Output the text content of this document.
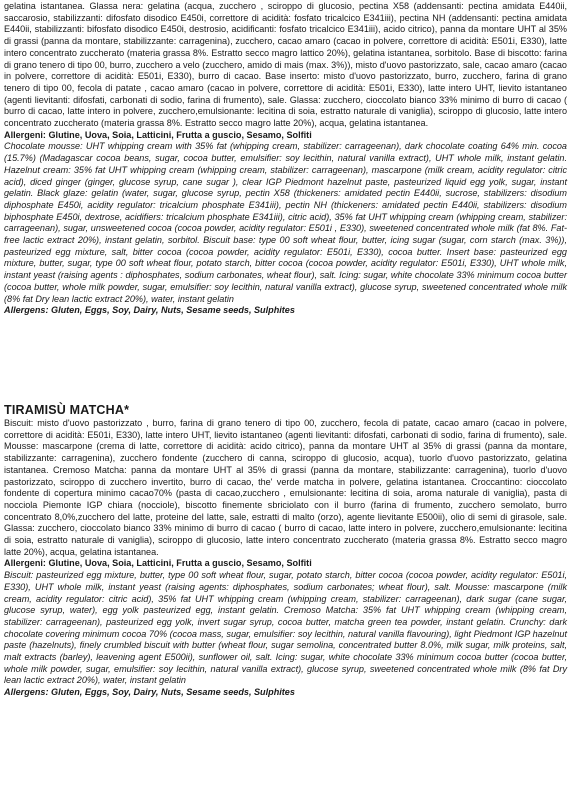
gelatina istantanea. Glassa nera: gelatina (acqua, zucchero , sciroppo di glucosio, pectina X58 (addensanti: pectina amidata E440ii, saccarosio, stabilizzanti: difosfato disodico E450i, correttore di acidità: fosfato tricalcico E341iii), pectina NH (addensanti: pectina amidata E440ii, stabilizzanti: bifosfato disodico E450i, destrosio, acidificanti: fosfato tricalcico E341iii), acido citrico), panna da montare UHT al 35% di grassi (panna da montare, stabilizzante: carragenina), zucchero, cacao amaro (cacao in polvere, correttore di acidità: E501i, E330), latte intero concentrato zuccherato (materia grassa 8%. Estratto secco magro latticо 20%), gelatina istantanea, sorbitolo. Base di biscotto: farina di grano tenero di tipo 00, burro, zucchero a velo (zucchero, amido di mais (max. 3%)), misto d'uovo pastorizzato, sale, cacao amaro (cacao in polvere, correttore di acidità: E501i, E330), burro di cacao. Base inserto: misto d'uovo pastorizzato, burro, zucchero, farina di grano tenero di tipo 00, fecola di patate , cacao amaro (cacao in polvere, correttore di acidità: E501i, E330), latte intero UHT, lievito istantaneo (agenti lievitanti: difosfati, carbonati di sodio, farina di frumento), sale. Glassa: zucchero, cioccolato bianco 33% minimo di burro di cacao ( burro di cacao, latte intero in polvere, zucchero,emulsionante: lecitina di soia, estratto naturale di vaniglia), sciroppo di glucosio, latte intero concentrato zuccherato (materia grassa 8%. Estratto secco magro latte 20%), acqua, gelatina istantanea.

Allergeni: Glutine, Uova, Soia, Latticini, Frutta a guscio, Sesamo, Solfiti

Chocolate mousse: UHT whipping cream with 35% fat (whipping cream, stabilizer: carrageenan), dark chocolate coating 64% min. cocoa (15.7%) (Madagascar cocoa beans, sugar, cocoa butter, emulsifier: soy lecithin, natural vanilla extract), UHT whole milk, instant gelatin. Hazelnut cream: 35% fat UHT whipping cream (whipping cream, stabilizer: carrageenan), mascarpone (milk cream, acidity regulator: citric acid), diced ginger (ginger, glucose syrup, cane sugar ), clear IGP Piedmont hazelnut paste, pasteurized liquid egg yolk, sugar, instant gelatin. Black glaze: gelatin (water, sugar, glucose syrup, pectin X58 (thickeners: amidated pectin E440ii, sucrose, stabilizers: disodium diphosphate E450i, acidity regulator: tricalcium phosphate E341iii), pectin NH (thickeners: amidated pectin E440ii, stabilizers: disodium biphosphate E450i, dextrose, acidifiers: tricalcium phosphate E341iii), citric acid), 35% fat UHT whipping cream (whipping cream, stabilizer: carrageenan), sugar, unsweetened cocoa (cocoa powder, acidity regulator: E501i , E330), sweetened concentrated whole milk (fat 8%. Fat-free lactic extract 20%), instant gelatin, sorbitol. Biscuit base: type 00 soft wheat flour, butter, icing sugar (sugar, corn starch (max. 3%)), pasteurized egg mixture, salt, bitter cocoa (cocoa powder, acidity regulator: E501i, E330), cocoa butter. Insert base: pasteurized egg mixture, butter, sugar, type 00 soft wheat flour, potato starch, bitter cocoa (cocoa powder, acidity regulator: E501i, E330), UHT whole milk, instant yeast (raising agents : diphosphates, sodium carbonates, wheat flour), salt. Icing: sugar, white chocolate 33% minimum cocoa butter (cocoa butter, whole milk powder, sugar, emulsifier: soy lecithin, natural vanilla extract), glucose syrup, sweetened concentrated whole milk (8% fat Dry lean lactic extract 20%), water, instant gelatin

Allergens: Gluten, Eggs, Soy, Dairy, Nuts, Sesame seeds, Sulphites

TIRAMISÙ MATCHA*

Biscuit: misto d'uovo pastorizzato , burro, farina di grano tenero di tipo 00, zucchero, fecola di patate, cacao amaro (cacao in polvere, correttore di acidità: E501i, E330), latte intero UHT, lievito istantaneo (agenti lievitanti: difosfati, carbonati di sodio, farina di frumento), sale. Mousse: mascarpone (crema di latte, correttore di acidità: acido citrico), panna da montare UHT al 35% di grassi (panna da montare, stabilizzante: carragenina), zucchero fondente (zucchero di canna, sciroppo di glucosio, acqua), tuorlo d'uovo pastorizzato, gelatina istantanea. Cremoso Matcha: panna da montare UHT al 35% di grassi (panna da montare, stabilizzante: carragenina), tuorlo d'uovo pastorizzato, sciroppo di zucchero invertito, burro di cacao, the' verde matcha in polvere, gelatina istantanea. Croccantino: cioccolato fondente di copertura minimo cacao70% (pasta di cacao,zucchero , emulsionante: lecitina di soia, aroma naturale di vaniglia), pasta di nocciola Piemonte IGP chiara (nocciole), biscotto finemente sbriciolato con il burro (farina di frumento, zucchero semolato, burro concentrato 8,0%,zucchero del latte, proteine del latte, sale, estratti di malto (orzo), agente lievitante E500ii), olio di semi di girasole, sale. Glassa: zucchero, cioccolato bianco 33% minimo di burro di cacao ( burro di cacao, latte intero in polvere, zucchero,emulsionante: lecitina di soia, estratto naturale di vaniglia), sciroppo di glucosio, latte intero concentrato zuccherato (materia grassa 8%. Estratto secco magro latte 20%), acqua, gelatina istantanea.

Allergeni: Glutine, Uova, Soia, Latticini, Frutta a guscio, Sesamo, Solfiti

Biscuit: pasteurized egg mixture, butter, type 00 soft wheat flour, sugar, potato starch, bitter cocoa (cocoa powder, acidity regulator: E501i, E330), UHT whole milk, instant yeast (raising agents: diphosphates, sodium carbonates; wheat flour), salt. Mousse: mascarpone (milk cream, acidity regulator: citric acid), 35% fat UHT whipping cream (whipping cream, stabilizer: carrageenan), dark sugar (cane sugar, glucose syrup, water), egg yolk pasteurized egg, instant gelatin. Cremoso Matcha: 35% fat UHT whipping cream (whipping cream, stabilizer: carrageenan), pasteurized egg yolk, invert sugar syrup, cocoa butter, matcha green tea powder, instant gelatin. Crunchy: dark chocolate covering minimum cocoa 70% (cocoa mass, sugar, emulsifier: soy lecithin, natural vanilla flavouring), light Piedmont IGP hazelnut paste (hazelnuts), finely crumbled biscuit with butter (wheat flour, sugar semolina, concentrated butter 8.0%, milk sugar, milk proteins, salt, malt extracts (barley), leavening agent E500ii), sunflower oil, salt. Icing: sugar, white chocolate 33% minimum cocoa butter (cocoa butter, whole milk powder, sugar, emulsifier: soy lecithin, natural vanilla extract), glucose syrup, sweetened concentrated whole milk (8% fat Dry lean lactic extract 20%), water, instant gelatin

Allergens: Gluten, Eggs, Soy, Dairy, Nuts, Sesame seeds, Sulphites
